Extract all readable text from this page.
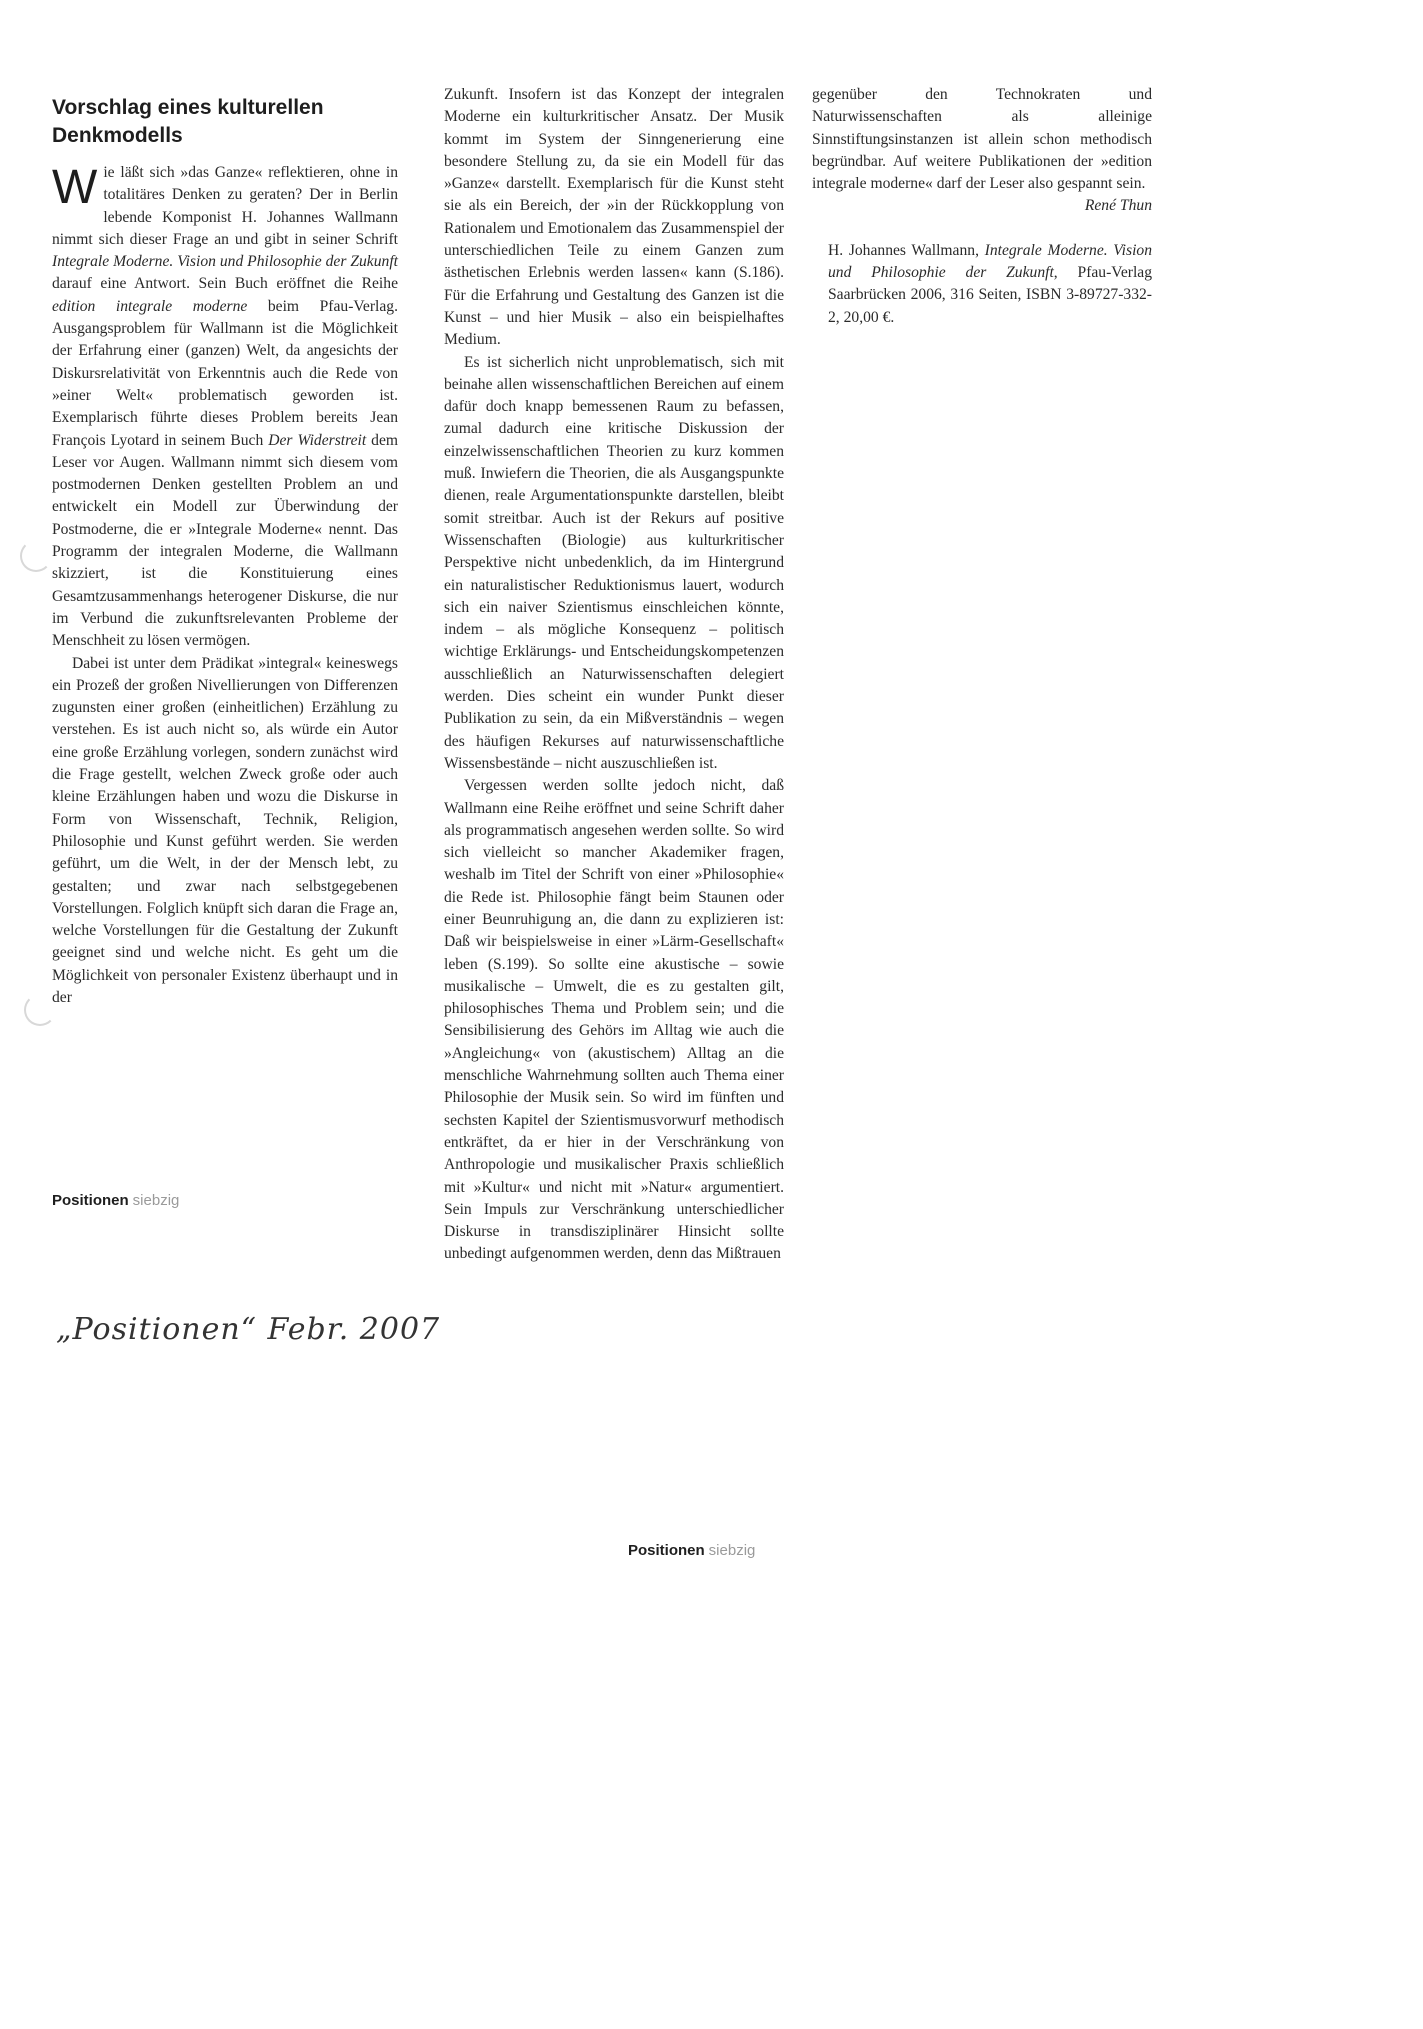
Vorschlag eines kulturellen Denkmodells

Wie läßt sich »das Ganze« reflektieren, ohne in totalitäres Denken zu geraten? Der in Berlin lebende Komponist H. Johannes Wallmann nimmt sich dieser Frage an und gibt in seiner Schrift Integrale Moderne. Vision und Philosophie der Zukunft darauf eine Antwort. Sein Buch eröffnet die Reihe edition integrale moderne beim Pfau-Verlag. Ausgangsproblem für Wallmann ist die Möglichkeit der Erfahrung einer (ganzen) Welt, da angesichts der Diskursrelativität von Erkenntnis auch die Rede von »einer Welt« problematisch geworden ist. Exemplarisch führte dieses Problem bereits Jean François Lyotard in seinem Buch Der Widerstreit dem Leser vor Augen. Wallmann nimmt sich diesem vom postmodernen Denken gestellten Problem an und entwickelt ein Modell zur Überwindung der Postmoderne, die er »Integrale Moderne« nennt. Das Programm der integralen Moderne, die Wallmann skizziert, ist die Konstituierung eines Gesamtzusammenhangs heterogener Diskurse, die nur im Verbund die zukunftsrelevanten Probleme der Menschheit zu lösen vermögen.

Dabei ist unter dem Prädikat »integral« keineswegs ein Prozeß der großen Nivellierungen von Differenzen zugunsten einer großen (einheitlichen) Erzählung zu verstehen. Es ist auch nicht so, als würde ein Autor eine große Erzählung vorlegen, sondern zunächst wird die Frage gestellt, welchen Zweck große oder auch kleine Erzählungen haben und wozu die Diskurse in Form von Wissenschaft, Technik, Religion, Philosophie und Kunst geführt werden. Sie werden geführt, um die Welt, in der der Mensch lebt, zu gestalten; und zwar nach selbstgegebenen Vorstellungen. Folglich knüpft sich daran die Frage an, welche Vorstellungen für die Gestaltung der Zukunft geeignet sind und welche nicht. Es geht um die Möglichkeit von personaler Existenz überhaupt und in der

Zukunft. Insofern ist das Konzept der integralen Moderne ein kulturkritischer Ansatz. Der Musik kommt im System der Sinngenerierung eine besondere Stellung zu, da sie ein Modell für das »Ganze« darstellt. Exemplarisch für die Kunst steht sie als ein Bereich, der »in der Rückkopplung von Rationalem und Emotionalem das Zusammenspiel der unterschiedlichen Teile zu einem Ganzen zum ästhetischen Erlebnis werden lassen« kann (S.186). Für die Erfahrung und Gestaltung des Ganzen ist die Kunst – und hier Musik – also ein beispielhaftes Medium.

Es ist sicherlich nicht unproblematisch, sich mit beinahe allen wissenschaftlichen Bereichen auf einem dafür doch knapp bemessenen Raum zu befassen, zumal dadurch eine kritische Diskussion der einzelwissenschaftlichen Theorien zu kurz kommen muß. Inwiefern die Theorien, die als Ausgangspunkte dienen, reale Argumentationspunkte darstellen, bleibt somit streitbar. Auch ist der Rekurs auf positive Wissenschaften (Biologie) aus kulturkritischer Perspektive nicht unbedenklich, da im Hintergrund ein naturalistischer Reduktionismus lauert, wodurch sich ein naiver Szientismus einschleichen könnte, indem – als mögliche Konsequenz – politisch wichtige Erklärungs- und Entscheidungskompetenzen ausschließlich an Naturwissenschaften delegiert werden. Dies scheint ein wunder Punkt dieser Publikation zu sein, da ein Mißverständnis – wegen des häufigen Rekurses auf naturwissenschaftliche Wissensbestände – nicht auszuschließen ist.

Vergessen werden sollte jedoch nicht, daß Wallmann eine Reihe eröffnet und seine Schrift daher als programmatisch angesehen werden sollte. So wird sich vielleicht so mancher Akademiker fragen, weshalb im Titel der Schrift von einer »Philosophie« die Rede ist. Philosophie fängt beim Staunen oder einer Beunruhigung an, die dann zu explizieren ist: Daß wir beispielsweise in einer »Lärm-Gesellschaft« leben (S.199). So sollte eine akustische – sowie musikalische – Umwelt, die es zu gestalten gilt, philosophisches Thema und Problem sein; und die Sensibilisierung des Gehörs im Alltag wie auch die »Angleichung« von (akustischem) Alltag an die menschliche Wahrnehmung sollten auch Thema einer Philosophie der Musik sein. So wird im fünften und sechsten Kapitel der Szientismusvorwurf methodisch entkräftet, da er hier in der Verschränkung von Anthropologie und musikalischer Praxis schließlich mit »Kultur« und nicht mit »Natur« argumentiert. Sein Impuls zur Verschränkung unterschiedlicher Diskurse in transdisziplinärer Hinsicht sollte unbedingt aufgenommen werden, denn das Mißtrauen

gegenüber den Technokraten und Naturwissenschaften als alleinige Sinnstiftungsinstanzen ist allein schon methodisch begründbar. Auf weitere Publikationen der »edition integrale moderne« darf der Leser also gespannt sein.

René Thun

H. Johannes Wallmann, Integrale Moderne. Vision und Philosophie der Zukunft, Pfau-Verlag Saarbrücken 2006, 316 Seiten, ISBN 3-89727-332-2, 20,00 €.

Positionen siebzig
Positionen siebzig
„Positionen“ Febr. 2007
